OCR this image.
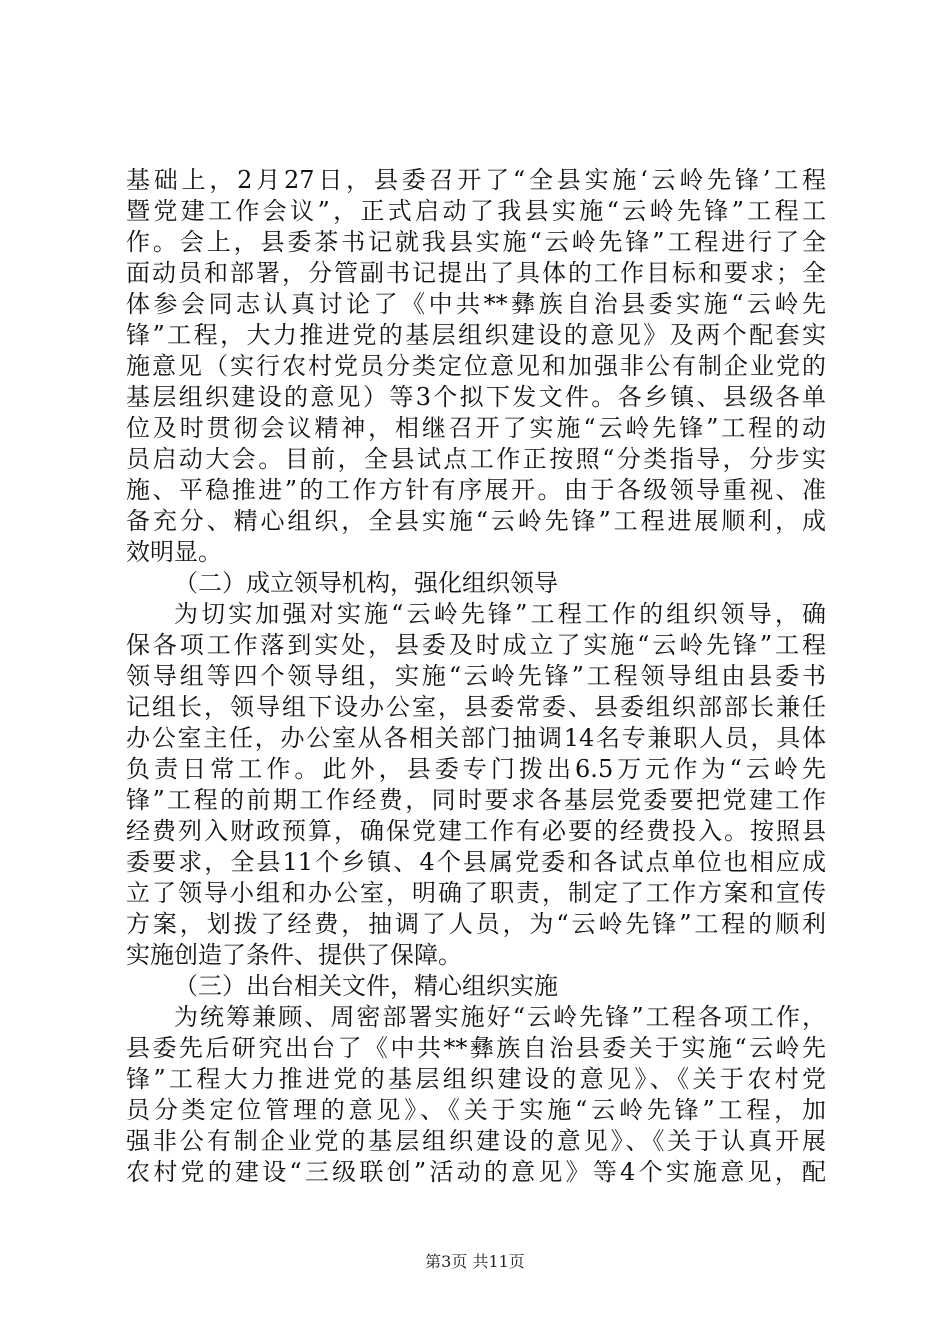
基础上，2月27日，县委召开了“全县实施‘云岭先锋’工程
暨党建工作会议”，正式启动了我县实施“云岭先锋”工程工
作。会上，县委茶书记就我县实施“云岭先锋”工程进行了全
面动员和部署，分管副书记提出了具体的工作目标和要求；全
体参会同志认真讨论了《中共**彝族自治县委实施“云岭先
锋”工程，大力推进党的基层组织建设的意见》及两个配套实
施意见（实行农村党员分类定位意见和加强非公有制企业党的
基层组织建设的意见）等3个拟下发文件。各乡镇、县级各单
位及时贯彻会议精神，相继召开了实施“云岭先锋”工程的动
员启动大会。目前，全县试点工作正按照“分类指导，分步实
施、平稳推进”的工作方针有序展开。由于各级领导重视、准
备充分、精心组织，全县实施“云岭先锋”工程进展顺利，成
效明显。
（二）成立领导机构，强化组织领导
为切实加强对实施“云岭先锋”工程工作的组织领导，确
保各项工作落到实处，县委及时成立了实施“云岭先锋”工程
领导组等四个领导组，实施“云岭先锋”工程领导组由县委书
记组长，领导组下设办公室，县委常委、县委组织部部长兼任
办公室主任，办公室从各相关部门抽调14名专兼职人员，具体
负责日常工作。此外，县委专门拨出6.5万元作为“云岭先
锋”工程的前期工作经费，同时要求各基层党委要把党建工作
经费列入财政预算，确保党建工作有必要的经费投入。按照县
委要求，全县11个乡镇、4个县属党委和各试点单位也相应成
立了领导小组和办公室，明确了职责，制定了工作方案和宣传
方案，划拨了经费，抽调了人员，为“云岭先锋”工程的顺利
实施创造了条件、提供了保障。
（三）出台相关文件，精心组织实施
为统筹兼顾、周密部署实施好“云岭先锋”工程各项工作，
县委先后研究出台了《中共**彝族自治县委关于实施“云岭先
锋”工程大力推进党的基层组织建设的意见》、《关于农村党
员分类定位管理的意见》、《关于实施“云岭先锋”工程，加
强非公有制企业党的基层组织建设的意见》、《关于认真开展
农村党的建设“三级联创”活动的意见》等4个实施意见，配
第3页 共11页
